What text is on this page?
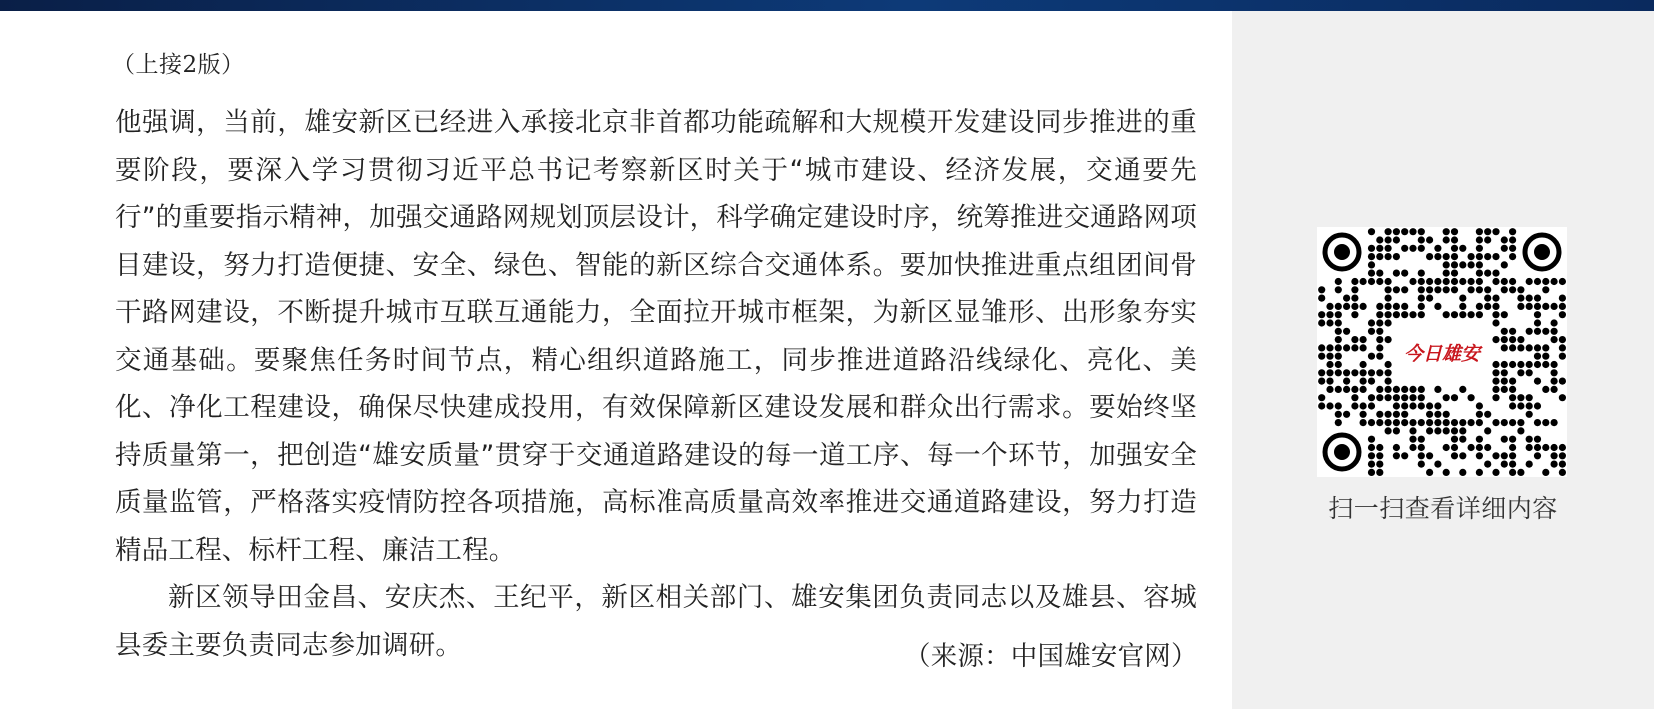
（上接2版）

他强调，当前，雄安新区已经进入承接北京非首都功能疏解和大规模开发建设同步推进的重要阶段，要深入学习贯彻习近平总书记考察新区时关于“城市建设、经济发展，交通要先行”的重要指示精神，加强交通路网规划顶层设计，科学确定建设时序，统筹推进交通路网项目建设，努力打造便捷、安全、绿色、智能的新区综合交通体系。要加快推进重点组团间骨干路网建设，不断提升城市互联互通能力，全面拉开城市框架，为新区显雏形、出形象夯实交通基础。要聚焦任务时间节点，精心组织道路施工，同步推进道路沿线绿化、亮化、美化、净化工程建设，确保尽快建成投用，有效保障新区建设发展和群众出行需求。要始终坚持质量第一，把创造“雄安质量”贯穿于交通道路建设的每一道工序、每一个环节，加强安全质量监管，严格落实疫情防控各项措施，高标准高质量高效率推进交通道路建设，努力打造精品工程、标杆工程、廉洁工程。

新区领导田金昌、安庆杰、王纪平，新区相关部门、雄安集团负责同志以及雄县、容城县委主要负责同志参加调研。	（来源：中国雄安官网）
今日雄安
扫一扫查看详细内容
